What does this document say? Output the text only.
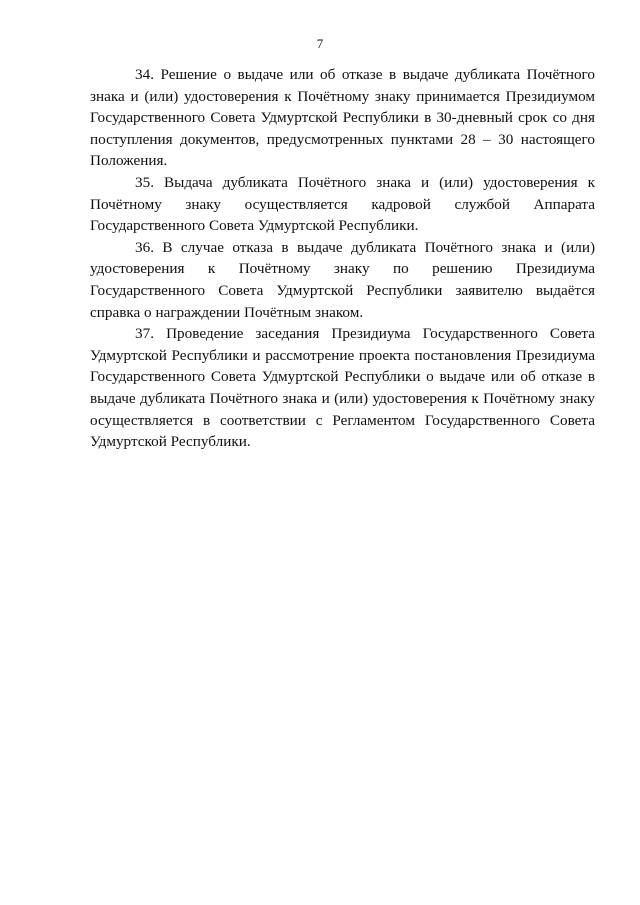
7

34. Решение о выдаче или об отказе в выдаче дубликата Почётного знака и (или) удостоверения к Почётному знаку принимается Президиумом Государственного Совета Удмуртской Республики в 30-дневный срок со дня поступления документов, предусмотренных пунктами 28 – 30 настоящего Положения.

35. Выдача дубликата Почётного знака и (или) удостоверения к Почётному знаку осуществляется кадровой службой Аппарата Государственного Совета Удмуртской Республики.

36. В случае отказа в выдаче дубликата Почётного знака и (или) удостоверения к Почётному знаку по решению Президиума Государственного Совета Удмуртской Республики заявителю выдаётся справка о награждении Почётным знаком.

37. Проведение заседания Президиума Государственного Совета Удмуртской Республики и рассмотрение проекта постановления Президиума Государственного Совета Удмуртской Республики о выдаче или об отказе в выдаче дубликата Почётного знака и (или) удостоверения к Почётному знаку осуществляется в соответствии с Регламентом Государственного Совета Удмуртской Республики.
